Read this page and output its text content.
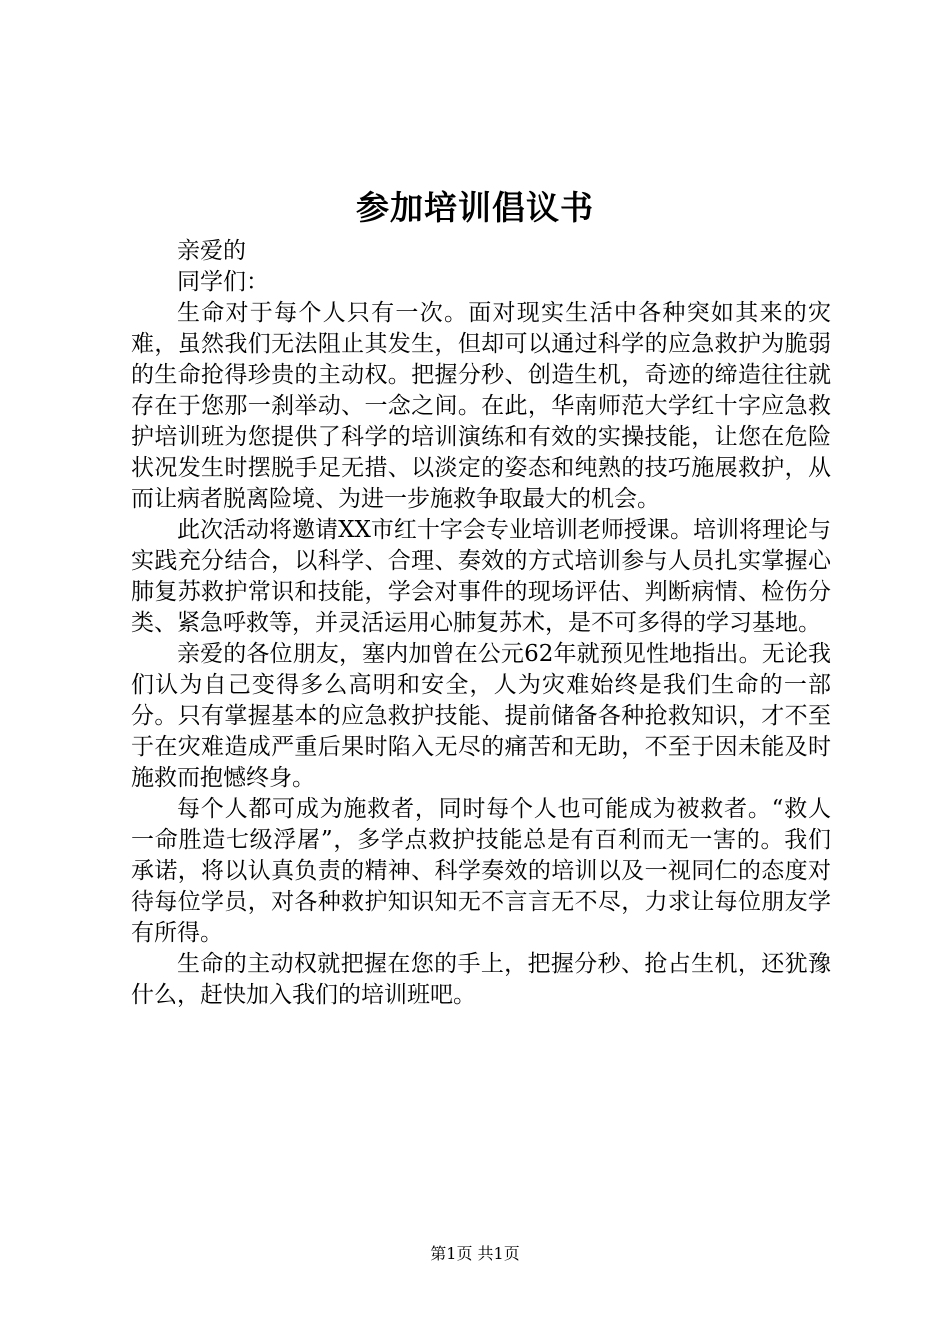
参加培训倡议书

亲爱的

同学们：

生命对于每个人只有一次。面对现实生活中各种突如其来的灾难，虽然我们无法阻止其发生，但却可以通过科学的应急救护为脆弱的生命抢得珍贵的主动权。把握分秒、创造生机，奇迹的缔造往往就存在于您那一刹举动、一念之间。在此，华南师范大学红十字应急救护培训班为您提供了科学的培训演练和有效的实操技能，让您在危险状况发生时摆脱手足无措、以淡定的姿态和纯熟的技巧施展救护，从而让病者脱离险境、为进一步施救争取最大的机会。

此次活动将邀请XX市红十字会专业培训老师授课。培训将理论与实践充分结合，以科学、合理、奏效的方式培训参与人员扎实掌握心肺复苏救护常识和技能，学会对事件的现场评估、判断病情、检伤分类、紧急呼救等，并灵活运用心肺复苏术，是不可多得的学习基地。

亲爱的各位朋友，塞内加曾在公元62年就预见性地指出。无论我们认为自己变得多么高明和安全，人为灾难始终是我们生命的一部分。只有掌握基本的应急救护技能、提前储备各种抢救知识，才不至于在灾难造成严重后果时陷入无尽的痛苦和无助，不至于因未能及时施救而抱憾终身。

每个人都可成为施救者，同时每个人也可能成为被救者。“救人一命胜造七级浮屠”，多学点救护技能总是有百利而无一害的。我们承诺，将以认真负责的精神、科学奏效的培训以及一视同仁的态度对待每位学员，对各种救护知识知无不言言无不尽，力求让每位朋友学有所得。

生命的主动权就把握在您的手上，把握分秒、抢占生机，还犹豫什么，赶快加入我们的培训班吧。

第1页 共1页
